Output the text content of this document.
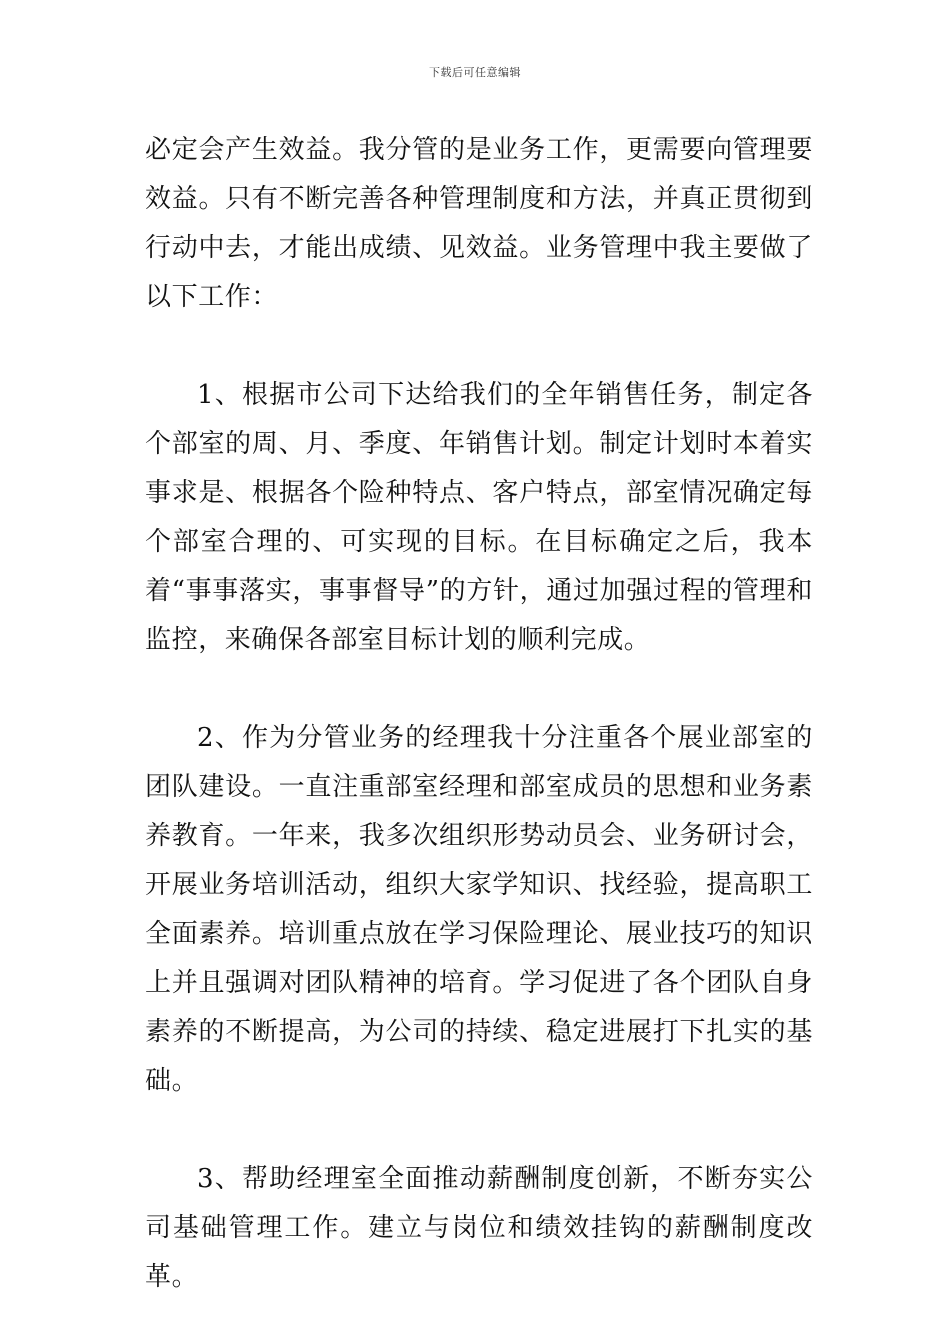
下载后可任意编辑

必定会产生效益。我分管的是业务工作，更需要向管理要效益。只有不断完善各种管理制度和方法，并真正贯彻到行动中去，才能出成绩、见效益。业务管理中我主要做了以下工作：

1、根据市公司下达给我们的全年销售任务，制定各个部室的周、月、季度、年销售计划。制定计划时本着实事求是、根据各个险种特点、客户特点，部室情况确定每个部室合理的、可实现的目标。在目标确定之后，我本着“事事落实，事事督导”的方针，通过加强过程的管理和监控，来确保各部室目标计划的顺利完成。

2、作为分管业务的经理我十分注重各个展业部室的团队建设。一直注重部室经理和部室成员的思想和业务素养教育。一年来，我多次组织形势动员会、业务研讨会，开展业务培训活动，组织大家学知识、找经验，提高职工全面素养。培训重点放在学习保险理论、展业技巧的知识上并且强调对团队精神的培育。学习促进了各个团队自身素养的不断提高，为公司的持续、稳定进展打下扎实的基础。

3、帮助经理室全面推动薪酬制度创新，不断夯实公司基础管理工作。建立与岗位和绩效挂钩的薪酬制度改革。
